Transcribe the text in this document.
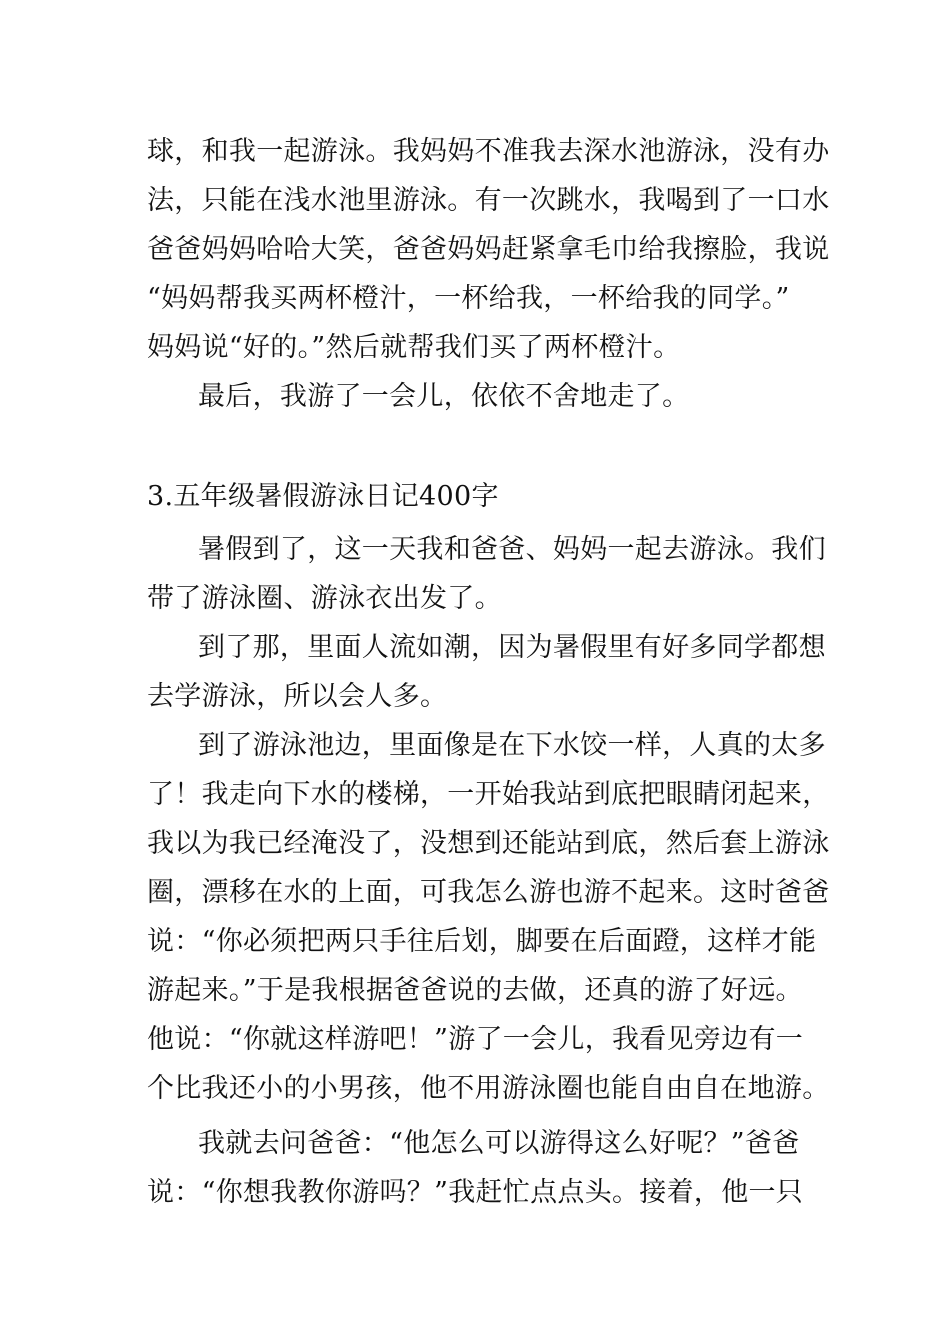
球，和我一起游泳。我妈妈不准我去深水池游泳，没有办
法，只能在浅水池里游泳。有一次跳水，我喝到了一口水
爸爸妈妈哈哈大笑，爸爸妈妈赶紧拿毛巾给我擦脸，我说
“妈妈帮我买两杯橙汁，一杯给我，一杯给我的同学。”
妈妈说“好的。”然后就帮我们买了两杯橙汁。
最后，我游了一会儿，依依不舍地走了。
3.五年级暑假游泳日记400字
暑假到了，这一天我和爸爸、妈妈一起去游泳。我们
带了游泳圈、游泳衣出发了。
到了那，里面人流如潮，因为暑假里有好多同学都想
去学游泳，所以会人多。
到了游泳池边，里面像是在下水饺一样，人真的太多
了！我走向下水的楼梯，一开始我站到底把眼睛闭起来，
我以为我已经淹没了，没想到还能站到底，然后套上游泳
圈，漂移在水的上面，可我怎么游也游不起来。这时爸爸
说：“你必须把两只手往后划，脚要在后面蹬，这样才能
游起来。”于是我根据爸爸说的去做，还真的游了好远。
他说：“你就这样游吧！”游了一会儿，我看见旁边有一
个比我还小的小男孩，他不用游泳圈也能自由自在地游。
我就去问爸爸：“他怎么可以游得这么好呢？”爸爸
说：“你想我教你游吗？”我赶忙点点头。接着，他一只
